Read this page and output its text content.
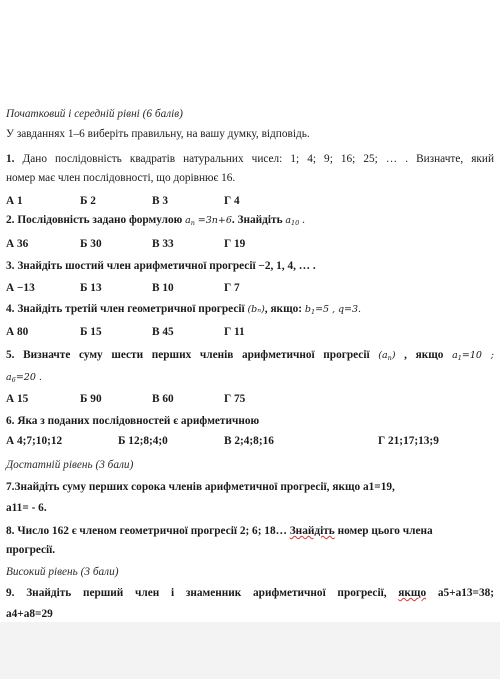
Початковий і середній рівні (6 балів)
У завданнях 1–6 виберіть правильну, на вашу думку, відповідь.
1. Дано послідовність квадратів натуральних чисел: 1; 4; 9; 16; 25; … . Визначте, який
номер має член послідовності, що дорівнює 16.
А 1	Б 2	В 3	Г 4
2. Послідовність задано формулою $a_n =3n+6$. Знайдіть $a_{10}$ .
А 36	Б 30	В 33	Г 19
3. Знайдіть шостий член арифметичної прогресії −2, 1, 4, … .
А −13	Б 13	В 10	Г 7
4. Знайдіть третій член геометричної прогресії (bₙ), якщо: $b_1=5$ , q=3.
А 80	Б 15	В 45	Г 11
5. Визначте суму шести перших членів арифметичної прогресії $(a_n)$ , якщо $a_1=10$ ;
$a_6=20$ .
А 15	Б 90	В 60	Г 75
6. Яка з поданих послідовностей є арифметичною
А 4;7;10;12	Б 12;8;4;0	В 2;4;8;16	Г 21;17;13;9
Достатній рівень (3 бали)
7.Знайдіть суму перших сорока членів арифметичної прогресії, якщо a1=19,
a11= - 6.
8. Число 162 є членом геометричної прогресії 2; 6; 18… Знайдіть номер цього члена
прогресії.
Високий рівень (3 бали)
9. Знайдіть перший член і знаменник арифметичної прогресії, якщо a5+a13=38;
a4+a8=29
